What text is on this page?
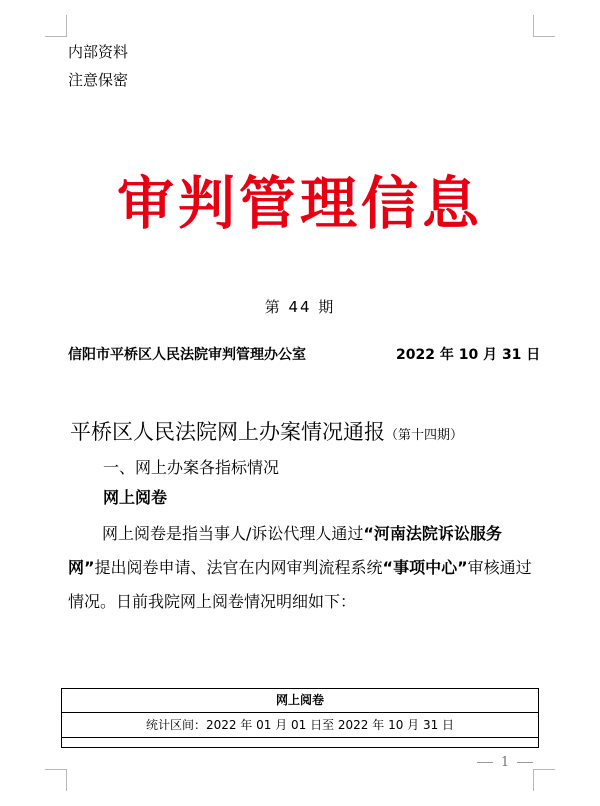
内部资料
注意保密
审判管理信息
第 44 期
信阳市平桥区人民法院审判管理办公室	2022 年 10 月 31 日
平桥区人民法院网上办案情况通报（第十四期）
一、网上办案各指标情况
网上阅卷
网上阅卷是指当事人/诉讼代理人通过“河南法院诉讼服务网”提出阅卷申请、法官在内网审判流程系统“事项中心”审核通过情况。日前我院网上阅卷情况明细如下：
网上阅卷
统计区间：2022 年 01 月 01 日至 2022 年 10 月 31 日
1
